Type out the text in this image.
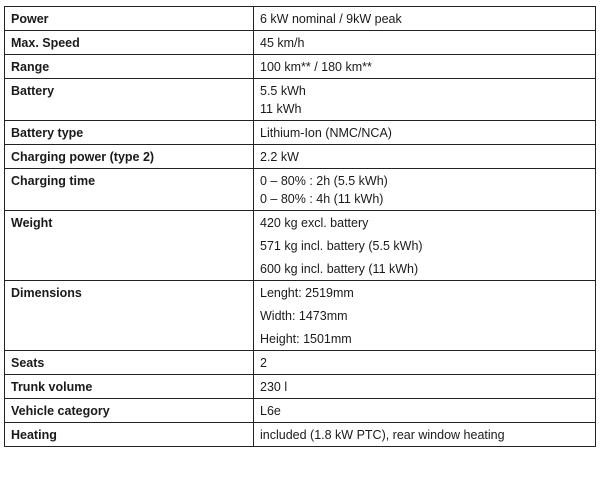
Power	6 kW nominal / 9kW peak

Max. Speed	45 km/h

Range	100 km** / 180 km**

Battery	5.5 kWh
11 kWh

Battery type	Lithium-Ion (NMC/NCA)

Charging power (type 2)	2.2 kW

Charging time	0 – 80% : 2h (5.5 kWh)
0 – 80% : 4h (11 kWh)

Weight	420 kg excl. battery
571 kg incl. battery (5.5 kWh)
600 kg incl. battery (11 kWh)

Dimensions	Lenght: 2519mm
Width: 1473mm
Height: 1501mm

Seats	2

Trunk volume	230 l

Vehicle category	L6e

Heating	included (1.8 kW PTC), rear window heating
